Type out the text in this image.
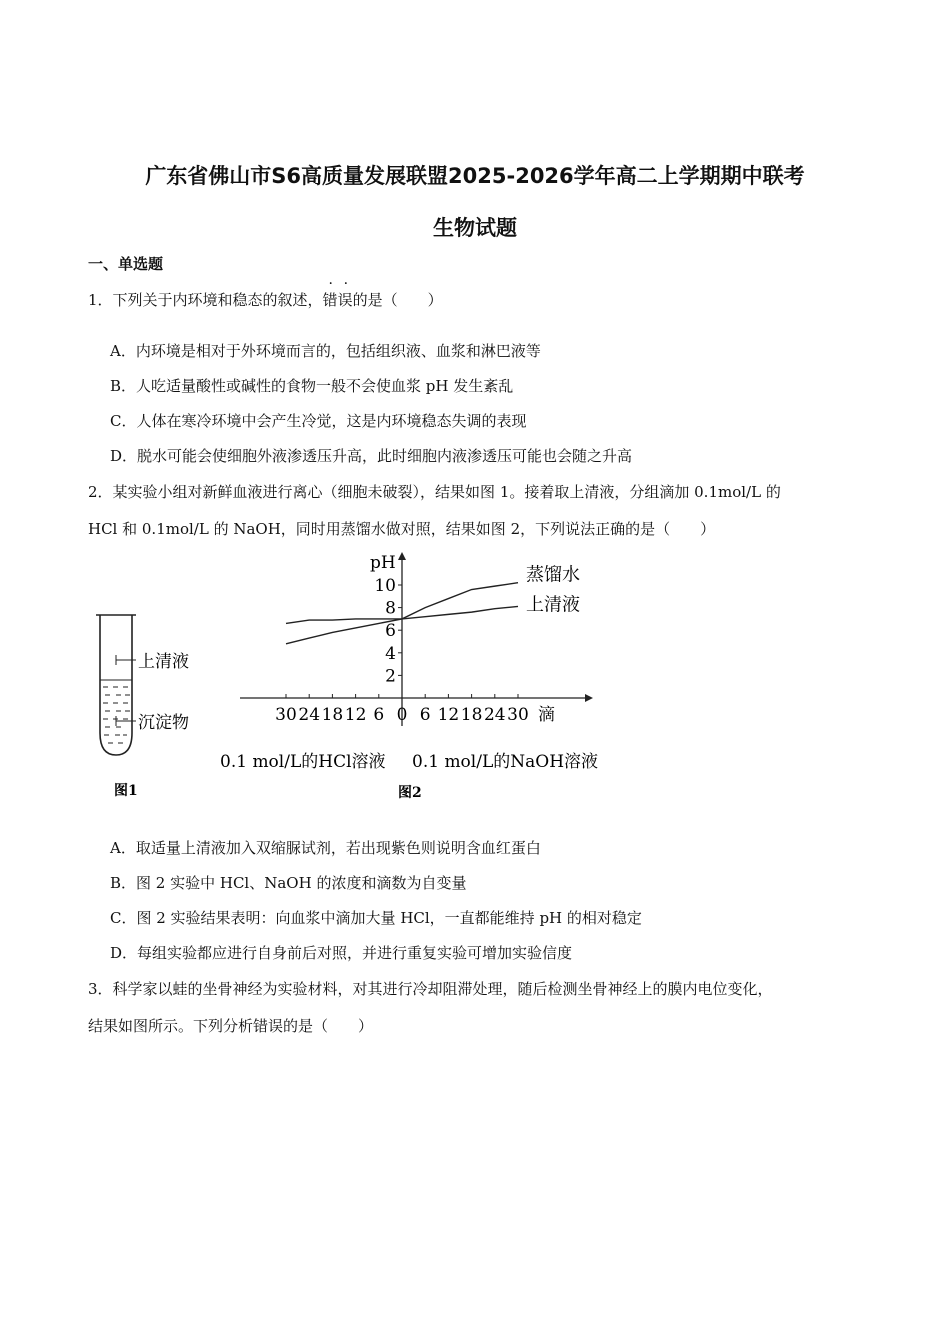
广东省佛山市S6高质量发展联盟2025-2026学年高二上学期期中联考
生物试题
一、单选题
1．下列关于内环境和稳态的叙述，错误的是（　　）
A．内环境是相对于外环境而言的，包括组织液、血浆和淋巴液等
B．人吃适量酸性或碱性的食物一般不会使血浆 pH 发生紊乱
C．人体在寒冷环境中会产生冷觉，这是内环境稳态失调的表现
D．脱水可能会使细胞外液渗透压升高，此时细胞内液渗透压可能也会随之升高
2．某实验小组对新鲜血液进行离心（细胞未破裂），结果如图 1。接着取上清液，分组滴加 0.1mol/L 的
HCl 和 0.1mol/L 的 NaOH，同时用蒸馏水做对照，结果如图 2，下列说法正确的是（　　）
上清液
沉淀物
图1
pH
滴
2
4
6
8
10
30 24 18 12 6 0 6 12 18 24 30
蒸馏水
上清液
0.1 mol/L的HCl溶液 0.1 mol/L的NaOH溶液
图2
A．取适量上清液加入双缩脲试剂，若出现紫色则说明含血红蛋白
B．图 2 实验中 HCl、NaOH 的浓度和滴数为自变量
C．图 2 实验结果表明：向血浆中滴加大量 HCl，一直都能维持 pH 的相对稳定
D．每组实验都应进行自身前后对照，并进行重复实验可增加实验信度
3．科学家以蛙的坐骨神经为实验材料，对其进行冷却阻滞处理，随后检测坐骨神经上的膜内电位变化，
结果如图所示。下列分析错误的是（　　）
